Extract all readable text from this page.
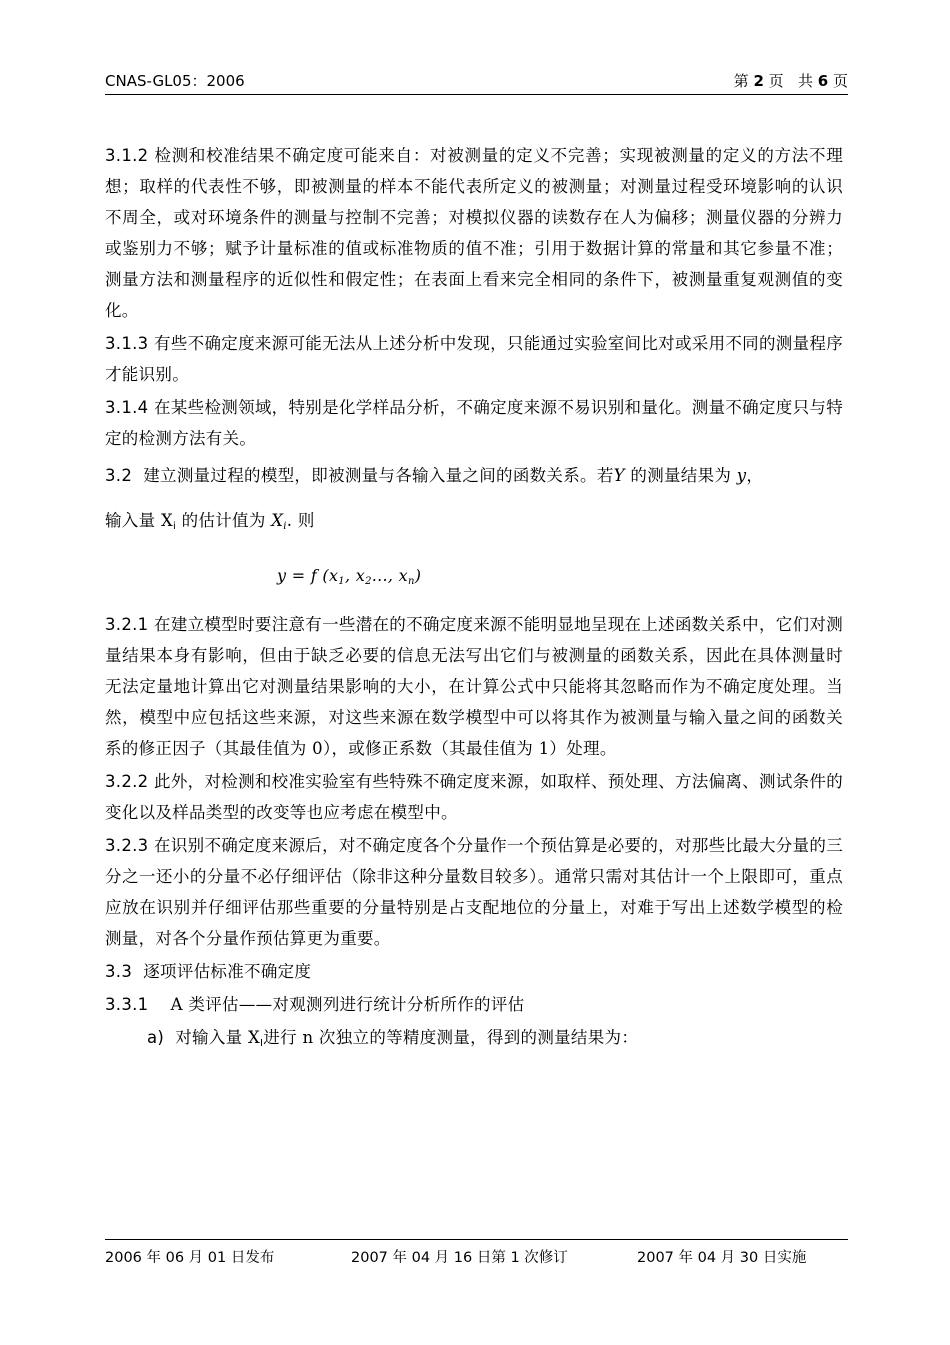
CNAS-GL05：2006	第 2 页   共 6 页

3.1.2 检测和校准结果不确定度可能来自：对被测量的定义不完善；实现被测量的定义的方法不理想；取样的代表性不够，即被测量的样本不能代表所定义的被测量；对测量过程受环境影响的认识不周全，或对环境条件的测量与控制不完善；对模拟仪器的读数存在人为偏移；测量仪器的分辨力或鉴别力不够；赋予计量标准的值或标准物质的值不准；引用于数据计算的常量和其它参量不准；测量方法和测量程序的近似性和假定性；在表面上看来完全相同的条件下，被测量重复观测值的变化。

3.1.3 有些不确定度来源可能无法从上述分析中发现，只能通过实验室间比对或采用不同的测量程序才能识别。

3.1.4 在某些检测领域，特别是化学样品分析，不确定度来源不易识别和量化。测量不确定度只与特定的检测方法有关。

3.2 建立测量过程的模型，即被测量与各输入量之间的函数关系。若Y 的测量结果为 y，

输入量 Xi 的估计值为 $X_i$. 则

y = f ($x_1$, $x_2$..., $x_n$)

3.2.1 在建立模型时要注意有一些潜在的不确定度来源不能明显地呈现在上述函数关系中，它们对测量结果本身有影响，但由于缺乏必要的信息无法写出它们与被测量的函数关系，因此在具体测量时无法定量地计算出它对测量结果影响的大小，在计算公式中只能将其忽略而作为不确定度处理。当然，模型中应包括这些来源，对这些来源在数学模型中可以将其作为被测量与输入量之间的函数关系的修正因子（其最佳值为 0），或修正系数（其最佳值为 1）处理。

3.2.2 此外，对检测和校准实验室有些特殊不确定度来源，如取样、预处理、方法偏离、测试条件的变化以及样品类型的改变等也应考虑在模型中。

3.2.3 在识别不确定度来源后，对不确定度各个分量作一个预估算是必要的，对那些比最大分量的三分之一还小的分量不必仔细评估（除非这种分量数目较多）。通常只需对其估计一个上限即可，重点应放在识别并仔细评估那些重要的分量特别是占支配地位的分量上，对难于写出上述数学模型的检测量，对各个分量作预估算更为重要。

3.3 逐项评估标准不确定度

3.3.1 A 类评估——对观测列进行统计分析所作的评估

a) 对输入量 XI进行 n 次独立的等精度测量，得到的测量结果为：

2006 年 06 月 01 日发布	2007 年 04 月 16 日第 1 次修订	2007 年 04 月 30 日实施
